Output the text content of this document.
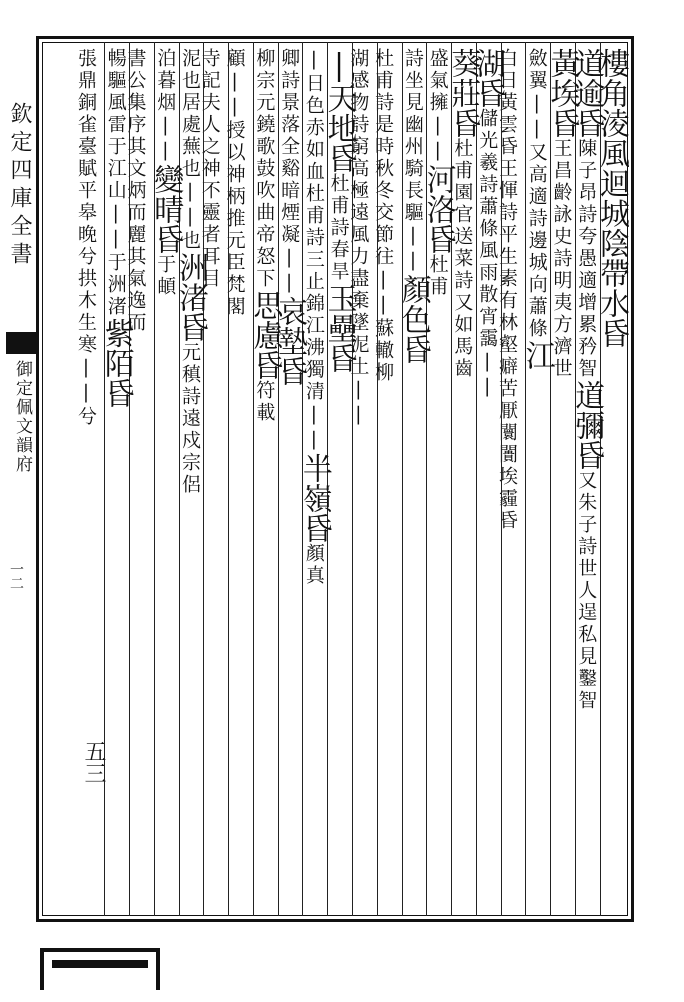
欽定四庫全書
御定佩文韻府
一二
五三
樓角淩風迴城陰帶水昏
道逾昏陳子昂詩夸愚適增累矜智道彌昏又朱子詩世人逞私見鑿智
黃埃昏王昌齡詠史詩明夷方濟世
斂翼||又高適詩邊城向蕭條江
白日黃雲昏王惲詩平生素有林壑癖苦厭闤闠埃霾昏
湖昏儲光羲詩蕭條風雨散宵靄||
葵莊昏杜甫園官送菜詩又如馬齒
盛氣擁||河洛昏杜甫
詩坐見幽州騎長驅||顏色昏
杜甫詩是時秋冬交節往||蘇轍柳
湖感物詩窮高極遠風力盡棄墜泥土||
|天地昏杜甫詩春旱玉壘昏
|日色赤如血杜甫詩三止錦江沸獨清||半嶺昏顏真
卿詩景落全谿暗煙凝||哀墊昏
柳宗元鐃歌鼓吹曲帝怒下思慮昏符載
顧||授以神柄推元臣梵閣
寺記夫人之神不靈者耳目
泥也居處蕪也||也洲渚昏元稹詩遠戍宗侶
泊暮烟||變晴昏于頔
書公集序其文炳而麗其氣逸而
暢驅風雷于江山||于洲渚紫陌昏
張鼎銅雀臺賦平皋晚兮拱木生寒||兮
